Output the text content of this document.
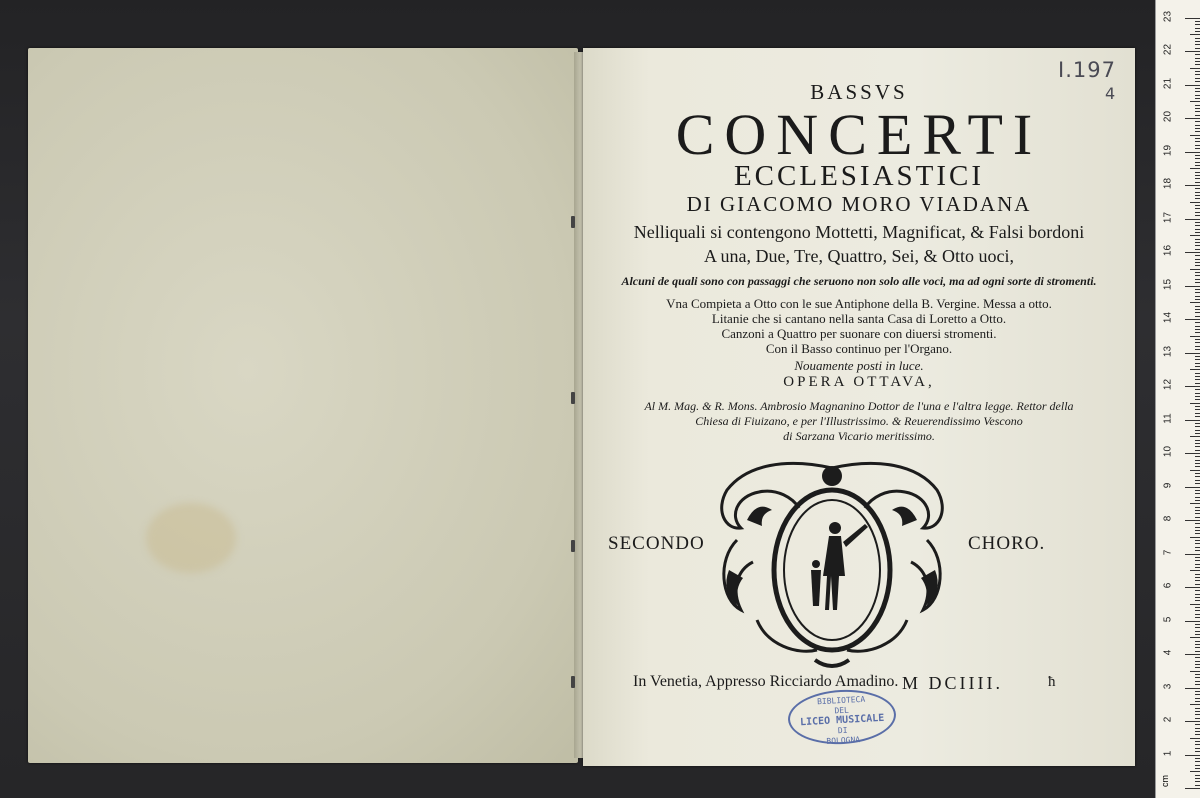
cm
1
2
3
4
5
6
7
8
9
10
11
12
13
14
15
16
17
18
19
20
21
22
23
I.197
4
BASSVS
CONCERTI
ECCLESIASTICI
DI GIACOMO MORO VIADANA
Nelliquali si contengono Mottetti, Magnificat, & Falsi bordoni
A una, Due, Tre, Quattro, Sei, & Otto uoci,
Alcuni de quali sono con passaggi che seruono non solo alle voci, ma ad ogni sorte di stromenti.
Vna Compieta a Otto con le sue Antiphone della B. Vergine. Messa a otto.
Litanie che si cantano nella santa Casa di Loretto a Otto.
Canzoni a Quattro per suonare con diuersi stromenti.
Con il Basso continuo per l'Organo.
Nouamente posti in luce.
OPERA OTTAVA,
Al M. Mag. & R. Mons. Ambrosio Magnanino Dottor de l'una e l'altra legge. Rettor della
Chiesa di Fiuizano, e per l'Illustrissimo. & Reuerendissimo Vescono
di Sarzana Vicario meritissimo.
SECONDO	CHORO.
In Venetia, Appresso Ricciardo Amadino. M DCIIII.	ħ
BIBLIOTECA
DEL
LICEO MUSICALE
DI
BOLOGNA
